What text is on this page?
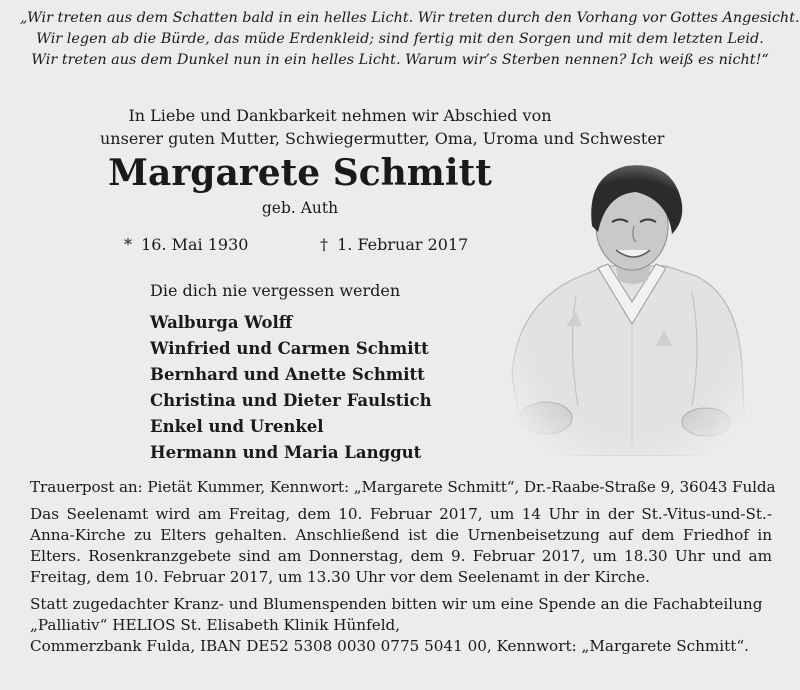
„Wir treten aus dem Schatten bald in ein helles Licht. Wir treten durch den Vorhang vor Gottes Angesicht.
Wir legen ab die Bürde, das müde Erdenkleid; sind fertig mit den Sorgen und mit dem letzten Leid.
Wir treten aus dem Dunkel nun in ein helles Licht. Warum wir’s Sterben nennen? Ich weiß es nicht!“
In Liebe und Dankbarkeit nehmen wir Abschied von
unserer guten Mutter, Schwiegermutter, Oma, Uroma und Schwester
Margarete Schmitt
geb. Auth
* 16. Mai 1930	† 1. Februar 2017
Die dich nie vergessen werden
Walburga Wolff
Winfried und Carmen Schmitt
Bernhard und Anette Schmitt
Christina und Dieter Faulstich
Enkel und Urenkel
Hermann und Maria Langgut

Trauerpost an: Pietät Kummer, Kennwort: „Margarete Schmitt“, Dr.-Raabe-Straße 9, 36043 Fulda

Das Seelenamt wird am Freitag, dem 10. Februar 2017, um 14 Uhr in der St.-Vitus-und-St.-Anna-Kirche zu Elters gehalten. Anschließend ist die Urnenbeisetzung auf dem Friedhof in Elters. Rosenkranzgebete sind am Donnerstag, dem 9. Februar 2017, um 18.30 Uhr und am Freitag, dem 10. Februar 2017, um 13.30 Uhr vor dem Seelenamt in der Kirche.

Statt zugedachter Kranz- und Blumenspenden bitten wir um eine Spende an die Fachabteilung
„Palliativ“ HELIOS St. Elisabeth Klinik Hünfeld,
Commerzbank Fulda, IBAN DE52 5308 0030 0775 5041 00, Kennwort: „Margarete Schmitt“.
